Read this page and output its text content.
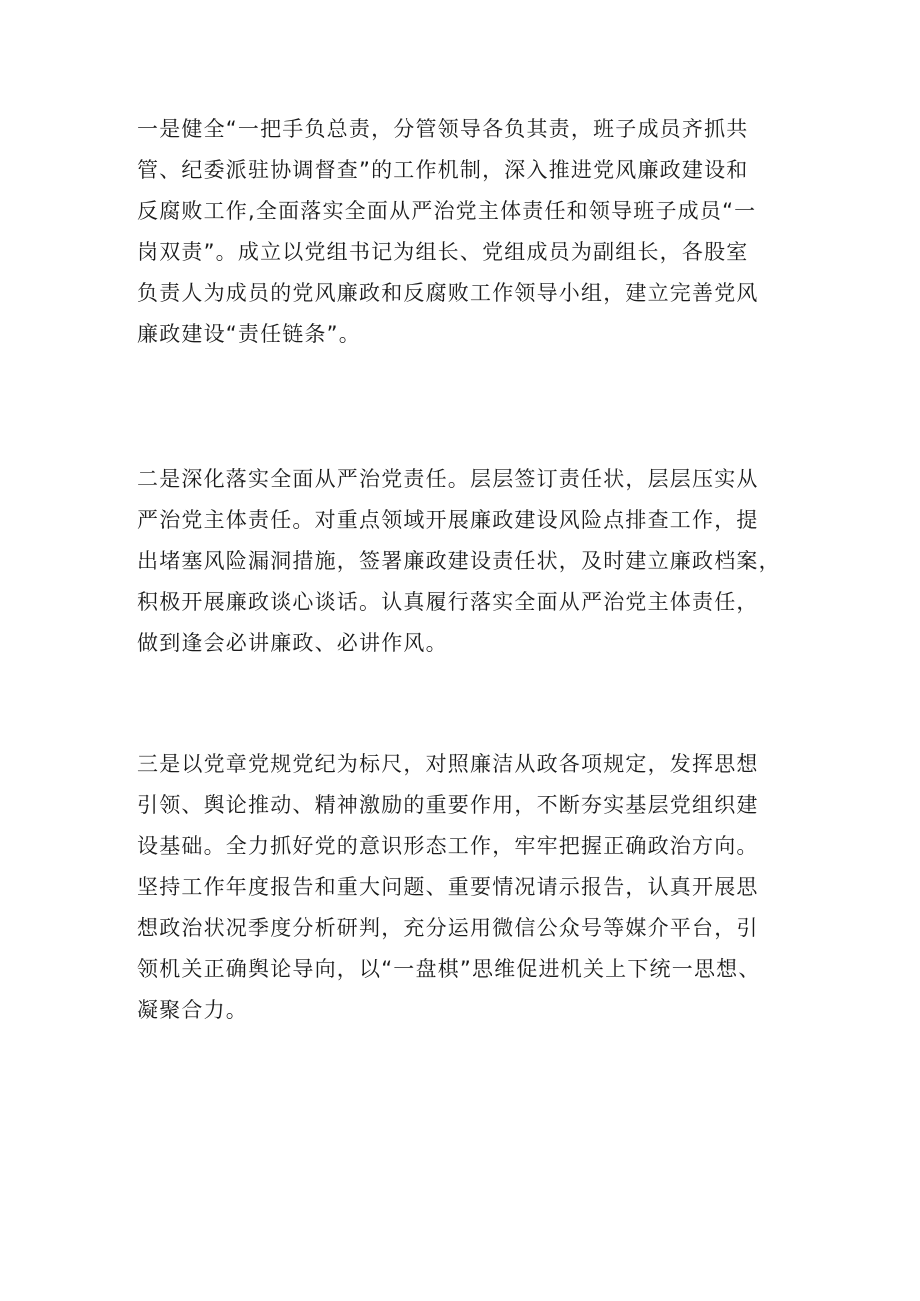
一是健全“一把手负总责，分管领导各负其责，班子成员齐抓共
管、纪委派驻协调督查”的工作机制，深入推进党风廉政建设和
反腐败工作,全面落实全面从严治党主体责任和领导班子成员“一
岗双责”。成立以党组书记为组长、党组成员为副组长，各股室
负责人为成员的党风廉政和反腐败工作领导小组，建立完善党风
廉政建设“责任链条”。
二是深化落实全面从严治党责任。层层签订责任状，层层压实从
严治党主体责任。对重点领域开展廉政建设风险点排查工作，提
出堵塞风险漏洞措施，签署廉政建设责任状，及时建立廉政档案，
积极开展廉政谈心谈话。认真履行落实全面从严治党主体责任，
做到逢会必讲廉政、必讲作风。
三是以党章党规党纪为标尺，对照廉洁从政各项规定，发挥思想
引领、舆论推动、精神激励的重要作用，不断夯实基层党组织建
设基础。全力抓好党的意识形态工作，牢牢把握正确政治方向。
坚持工作年度报告和重大问题、重要情况请示报告，认真开展思
想政治状况季度分析研判，充分运用微信公众号等媒介平台，引
领机关正确舆论导向，以“一盘棋”思维促进机关上下统一思想、
凝聚合力。
